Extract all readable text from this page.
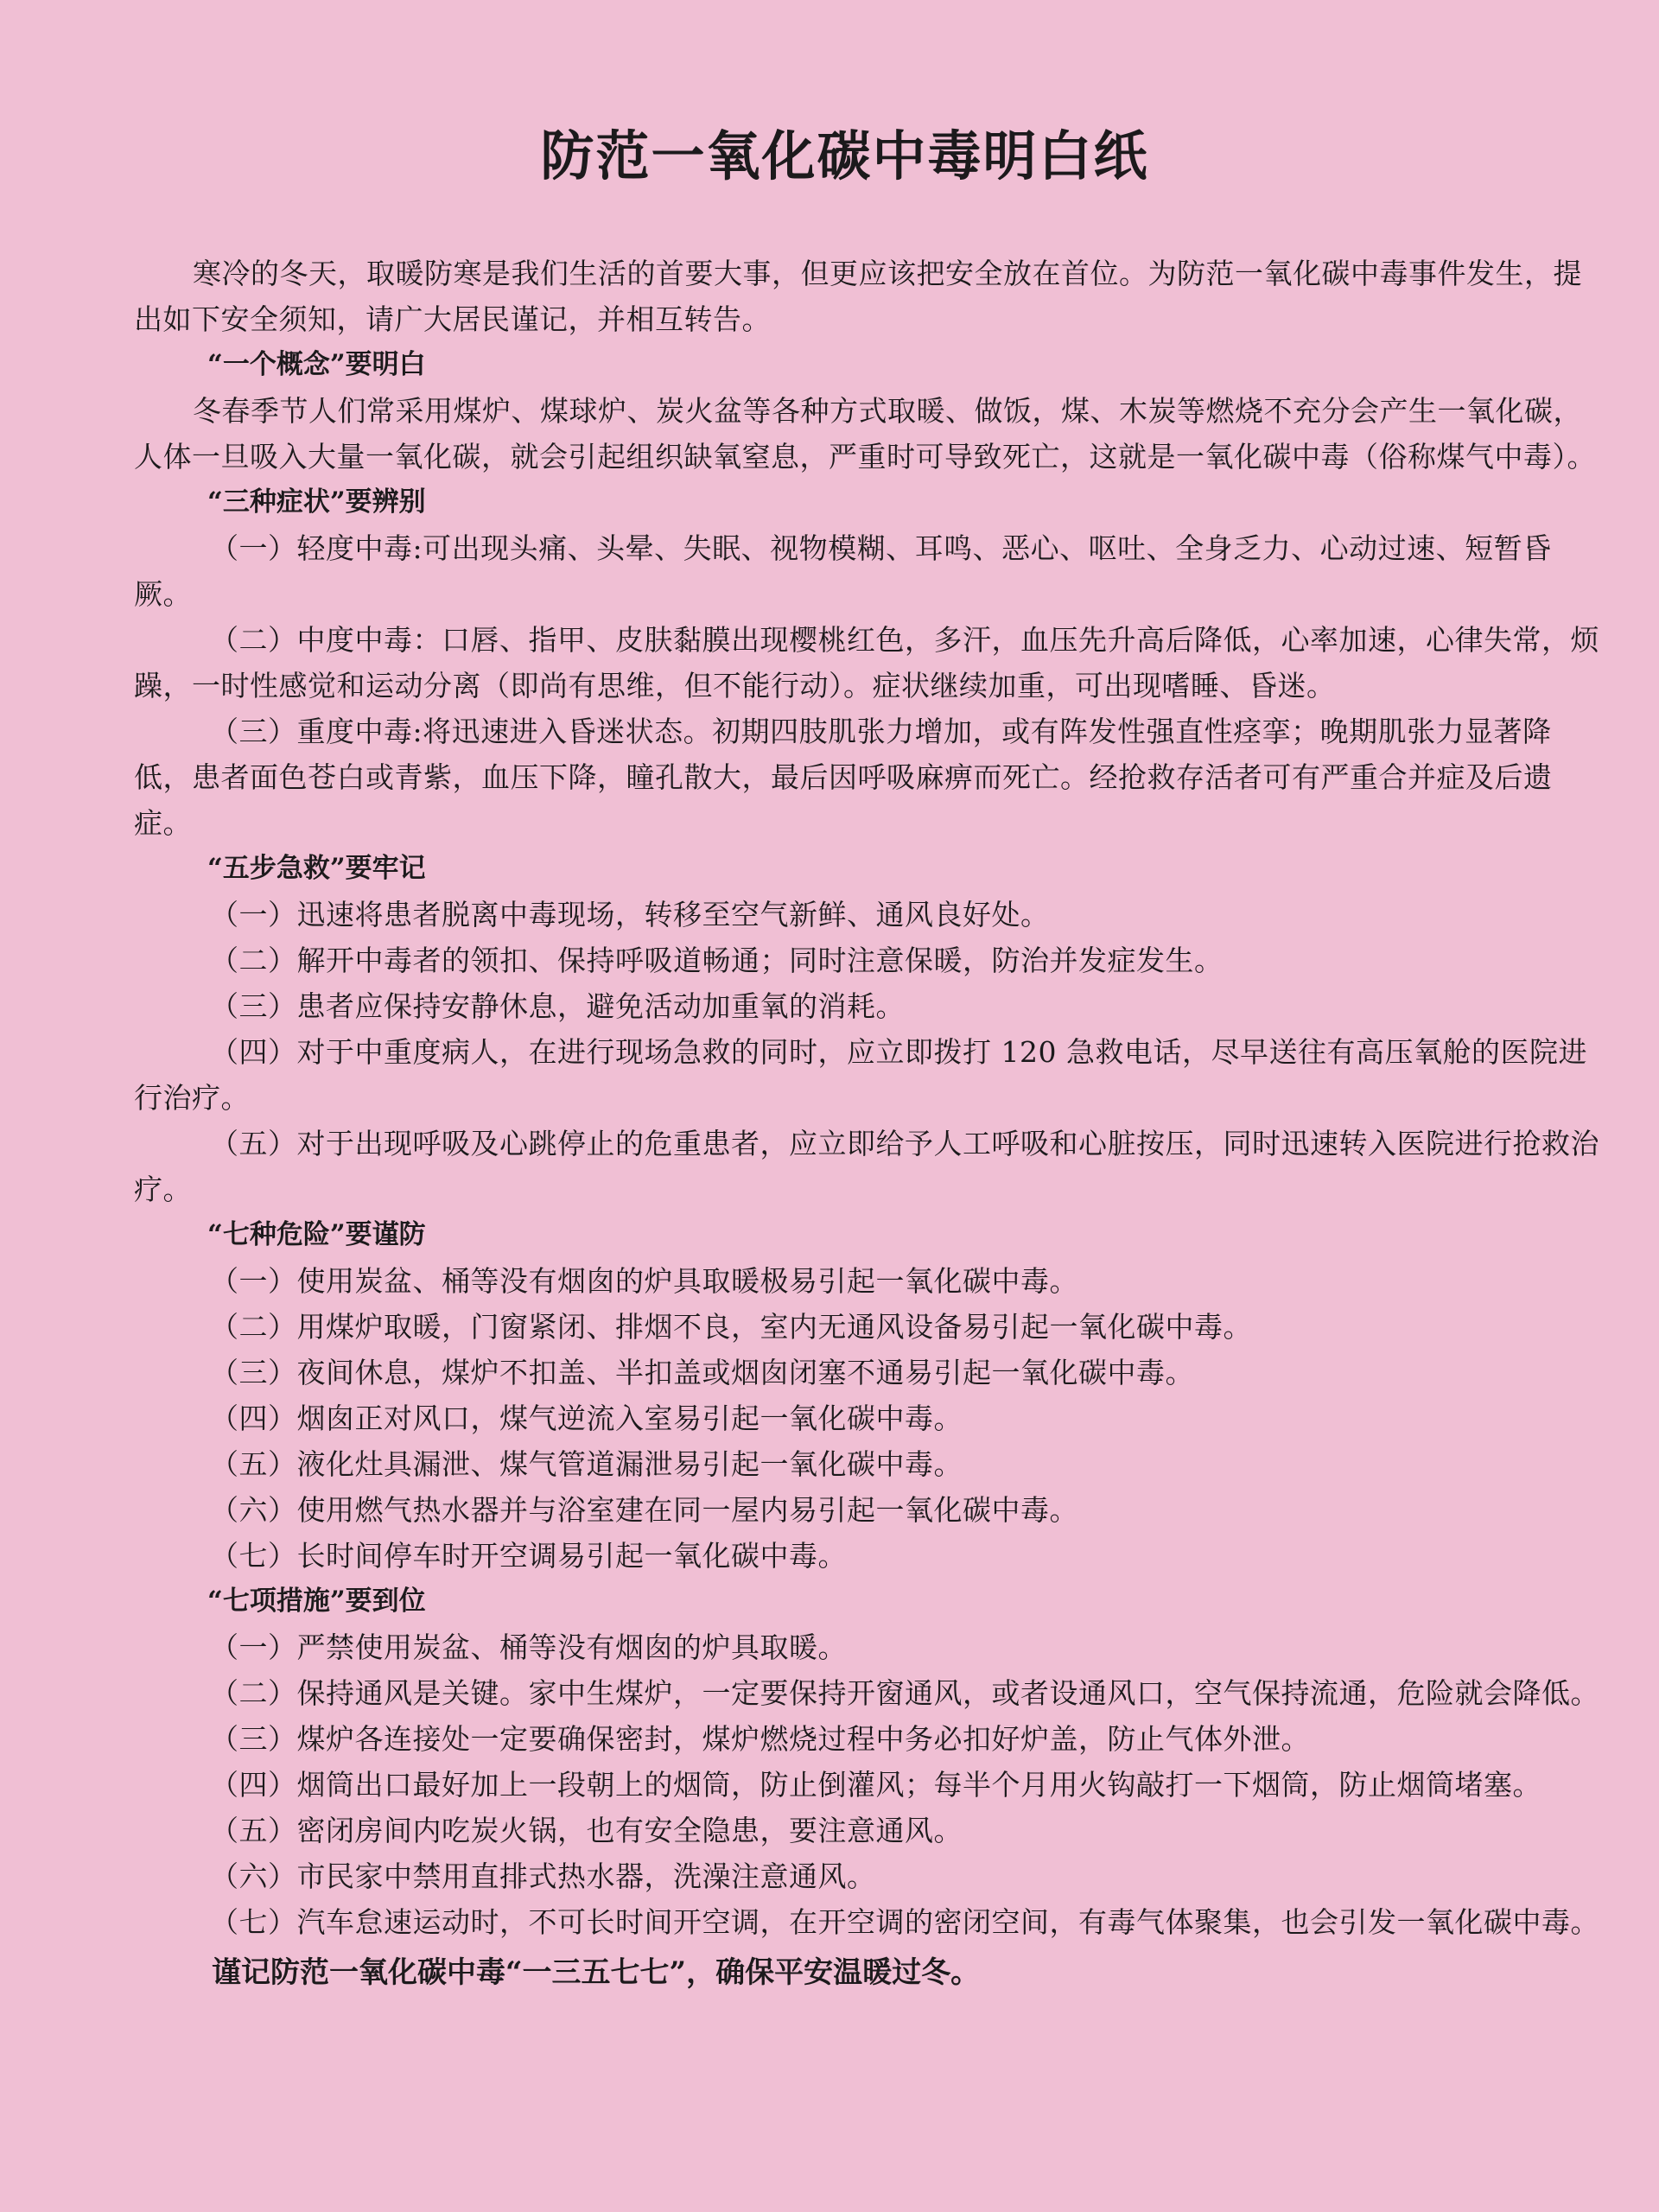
防范一氧化碳中毒明白纸

寒冷的冬天，取暖防寒是我们生活的首要大事，但更应该把安全放在首位。为防范一氧化碳中毒事件发生，提出如下安全须知，请广大居民谨记，并相互转告。

“一个概念”要明白

冬春季节人们常采用煤炉、煤球炉、炭火盆等各种方式取暖、做饭，煤、木炭等燃烧不充分会产生一氧化碳，人体一旦吸入大量一氧化碳，就会引起组织缺氧窒息，严重时可导致死亡，这就是一氧化碳中毒（俗称煤气中毒）。

“三种症状”要辨别

（一）轻度中毒:可出现头痛、头晕、失眠、视物模糊、耳鸣、恶心、呕吐、全身乏力、心动过速、短暂昏厥。

（二）中度中毒：口唇、指甲、皮肤黏膜出现樱桃红色，多汗，血压先升高后降低，心率加速，心律失常，烦躁，一时性感觉和运动分离（即尚有思维，但不能行动）。症状继续加重，可出现嗜睡、昏迷。

（三）重度中毒:将迅速进入昏迷状态。初期四肢肌张力增加，或有阵发性强直性痉挛；晚期肌张力显著降低，患者面色苍白或青紫，血压下降，瞳孔散大，最后因呼吸麻痹而死亡。经抢救存活者可有严重合并症及后遗症。

“五步急救”要牢记

（一）迅速将患者脱离中毒现场，转移至空气新鲜、通风良好处。

（二）解开中毒者的领扣、保持呼吸道畅通；同时注意保暖，防治并发症发生。

（三）患者应保持安静休息，避免活动加重氧的消耗。

（四）对于中重度病人，在进行现场急救的同时，应立即拨打 120 急救电话，尽早送往有高压氧舱的医院进行治疗。

（五）对于出现呼吸及心跳停止的危重患者，应立即给予人工呼吸和心脏按压，同时迅速转入医院进行抢救治疗。

“七种危险”要谨防

（一）使用炭盆、桶等没有烟囱的炉具取暖极易引起一氧化碳中毒。

（二）用煤炉取暖，门窗紧闭、排烟不良，室内无通风设备易引起一氧化碳中毒。

（三）夜间休息，煤炉不扣盖、半扣盖或烟囱闭塞不通易引起一氧化碳中毒。

（四）烟囱正对风口，煤气逆流入室易引起一氧化碳中毒。

（五）液化灶具漏泄、煤气管道漏泄易引起一氧化碳中毒。

（六）使用燃气热水器并与浴室建在同一屋内易引起一氧化碳中毒。

（七）长时间停车时开空调易引起一氧化碳中毒。

“七项措施”要到位

（一）严禁使用炭盆、桶等没有烟囱的炉具取暖。

（二）保持通风是关键。家中生煤炉，一定要保持开窗通风，或者设通风口，空气保持流通，危险就会降低。

（三）煤炉各连接处一定要确保密封，煤炉燃烧过程中务必扣好炉盖，防止气体外泄。

（四）烟筒出口最好加上一段朝上的烟筒，防止倒灌风；每半个月用火钩敲打一下烟筒，防止烟筒堵塞。

（五）密闭房间内吃炭火锅，也有安全隐患，要注意通风。

（六）市民家中禁用直排式热水器，洗澡注意通风。

（七）汽车怠速运动时，不可长时间开空调，在开空调的密闭空间，有毒气体聚集，也会引发一氧化碳中毒。

谨记防范一氧化碳中毒“一三五七七”，确保平安温暖过冬。
